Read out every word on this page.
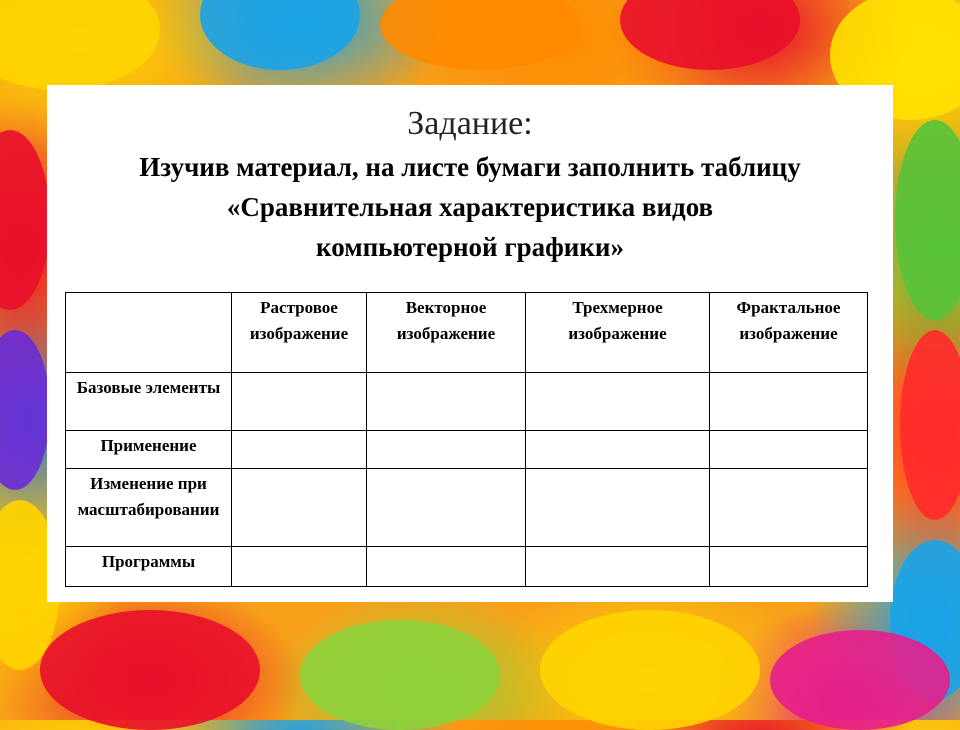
Задание:
Изучив материал, на листе бумаги заполнить таблицу
«Сравнительная характеристика видов
компьютерной графики»
	Растровое изображение	Векторное изображение	Трехмерное изображение	Фрактальное изображение
Базовые элементы				
Применение				
Изменение при масштабировании				
Программы				
